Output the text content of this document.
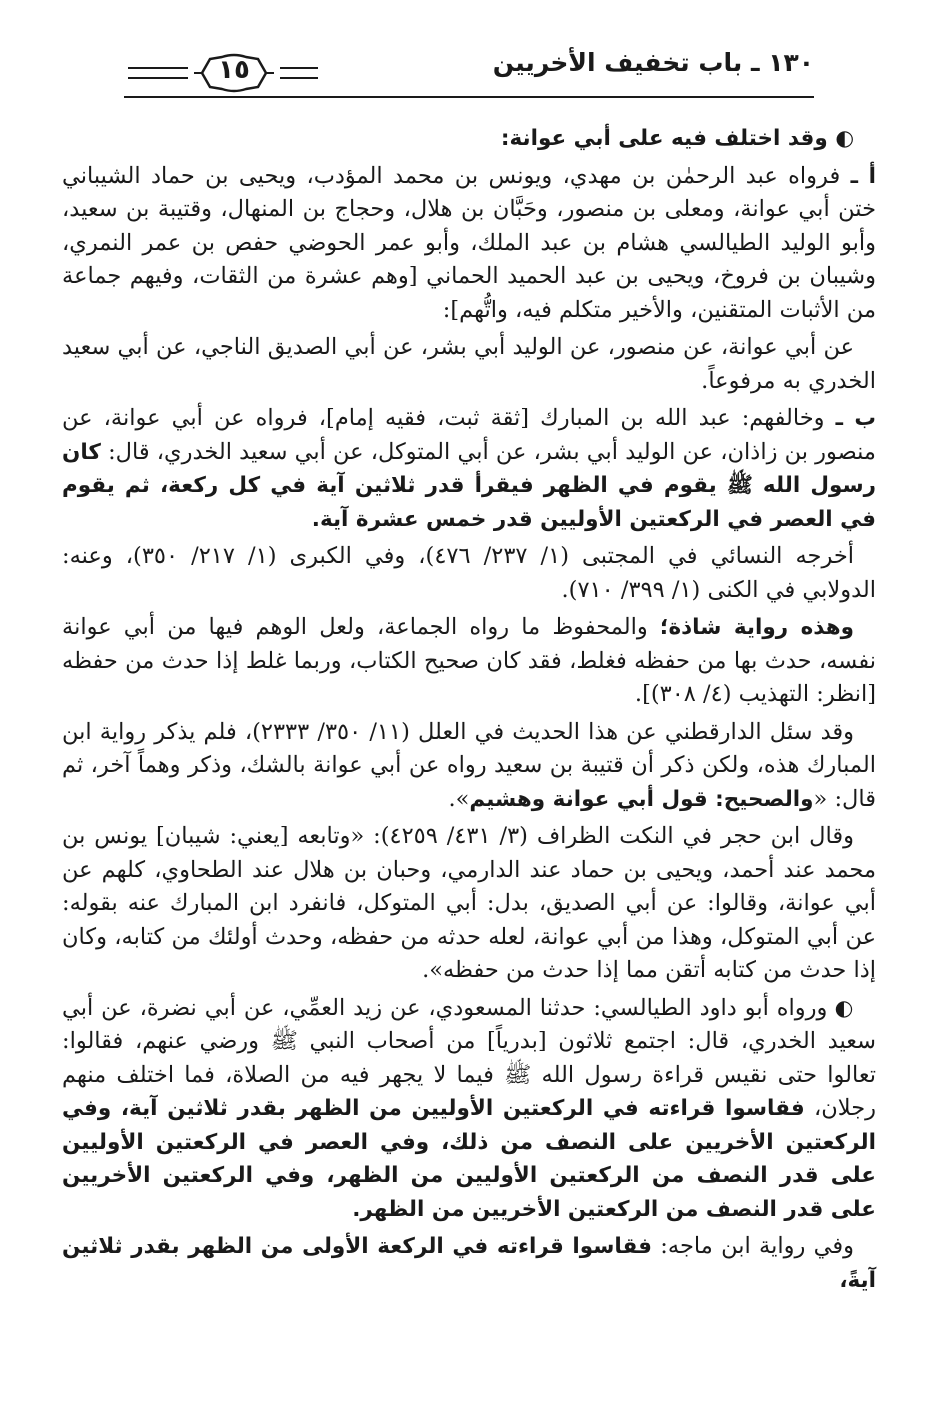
١٣٠ ـ باب تخفيف الأخريين
١٥

◐ وقد اختلف فيه على أبي عوانة:

أ ـ فرواه عبد الرحمٰن بن مهدي، ويونس بن محمد المؤدب، ويحيى بن حماد الشيباني ختن أبي عوانة، ومعلى بن منصور، وحَبَّان بن هلال، وحجاج بن المنهال، وقتيبة بن سعيد، وأبو الوليد الطيالسي هشام بن عبد الملك، وأبو عمر الحوضي حفص بن عمر النمري، وشيبان بن فروخ، ويحيى بن عبد الحميد الحماني [وهم عشرة من الثقات، وفيهم جماعة من الأثبات المتقنين، والأخير متكلم فيه، واتُّهم]:

عن أبي عوانة، عن منصور، عن الوليد أبي بشر، عن أبي الصديق الناجي، عن أبي سعيد الخدري به مرفوعاً.

ب ـ وخالفهم: عبد الله بن المبارك [ثقة ثبت، فقيه إمام]، فرواه عن أبي عوانة، عن منصور بن زاذان، عن الوليد أبي بشر، عن أبي المتوكل، عن أبي سعيد الخدري، قال: كان رسول الله ﷺ يقوم في الظهر فيقرأ قدر ثلاثين آية في كل ركعة، ثم يقوم في العصر في الركعتين الأوليين قدر خمس عشرة آية.

أخرجه النسائي في المجتبى (١/ ٢٣٧/ ٤٧٦)، وفي الكبرى (١/ ٢١٧/ ٣٥٠)، وعنه: الدولابي في الكنى (١/ ٣٩٩/ ٧١٠).

وهذه رواية شاذة؛ والمحفوظ ما رواه الجماعة، ولعل الوهم فيها من أبي عوانة نفسه، حدث بها من حفظه فغلط، فقد كان صحيح الكتاب، وربما غلط إذا حدث من حفظه [انظر: التهذيب (٤/ ٣٠٨)].

وقد سئل الدارقطني عن هذا الحديث في العلل (١١/ ٣٥٠/ ٢٣٣٣)، فلم يذكر رواية ابن المبارك هذه، ولكن ذكر أن قتيبة بن سعيد رواه عن أبي عوانة بالشك، وذكر وهماً آخر، ثم قال: «والصحيح: قول أبي عوانة وهشيم».

وقال ابن حجر في النكت الظراف (٣/ ٤٣١/ ٤٢٥٩): «وتابعه [يعني: شيبان] يونس بن محمد عند أحمد، ويحيى بن حماد عند الدارمي، وحبان بن هلال عند الطحاوي، كلهم عن أبي عوانة، وقالوا: عن أبي الصديق، بدل: أبي المتوكل، فانفرد ابن المبارك عنه بقوله: عن أبي المتوكل، وهذا من أبي عوانة، لعله حدثه من حفظه، وحدث أولئك من كتابه، وكان إذا حدث من كتابه أتقن مما إذا حدث من حفظه».

◐ ورواه أبو داود الطيالسي: حدثنا المسعودي، عن زيد العمِّي، عن أبي نضرة، عن أبي سعيد الخدري، قال: اجتمع ثلاثون [بدرياً] من أصحاب النبي ﷺ ورضي عنهم، فقالوا: تعالوا حتى نقيس قراءة رسول الله ﷺ فيما لا يجهر فيه من الصلاة، فما اختلف منهم رجلان، فقاسوا قراءته في الركعتين الأوليين من الظهر بقدر ثلاثين آية، وفي الركعتين الأخريين على النصف من ذلك، وفي العصر في الركعتين الأوليين على قدر النصف من الركعتين الأوليين من الظهر، وفي الركعتين الأخريين على قدر النصف من الركعتين الأخريين من الظهر.

وفي رواية ابن ماجه: فقاسوا قراءته في الركعة الأولى من الظهر بقدر ثلاثين آيةً،
